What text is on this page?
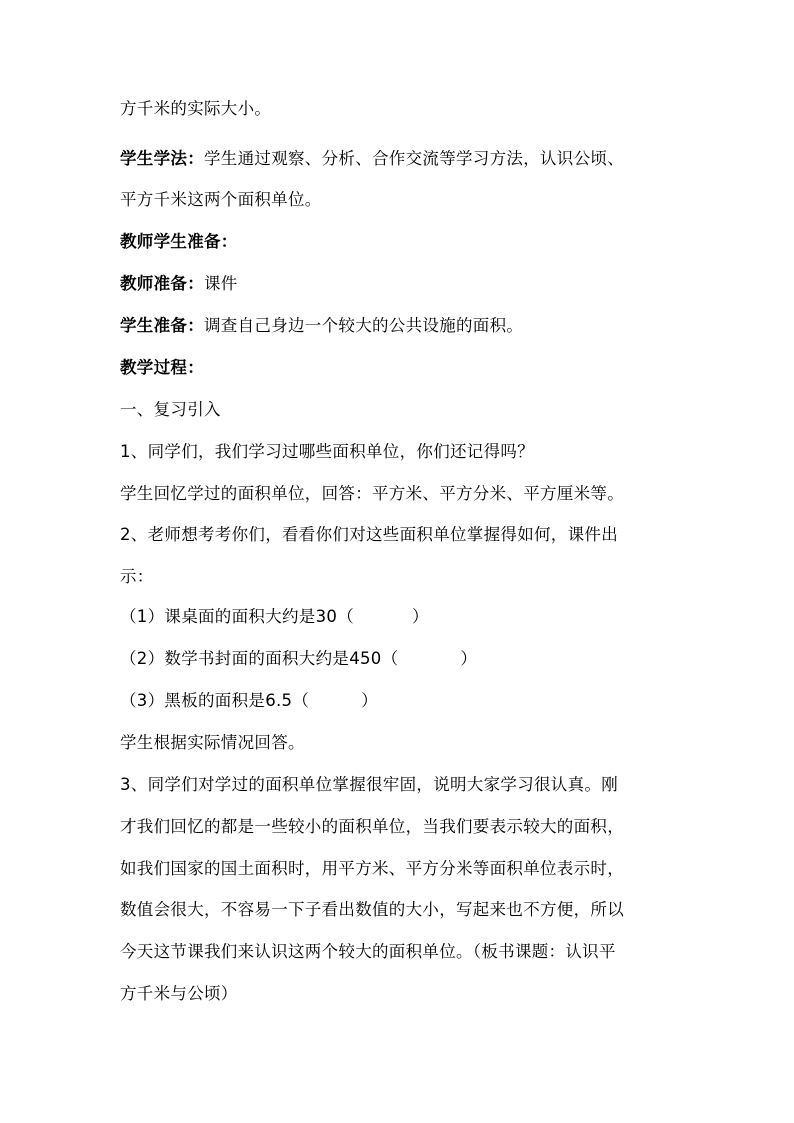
方千米的实际大小。
学生学法：学生通过观察、分析、合作交流等学习方法，认识公顷、
平方千米这两个面积单位。
教师学生准备：
教师准备：课件
学生准备：调查自己身边一个较大的公共设施的面积。
教学过程：
一、复习引入
1、同学们，我们学习过哪些面积单位，你们还记得吗？
学生回忆学过的面积单位，回答：平方米、平方分米、平方厘米等。
2、老师想考考你们，看看你们对这些面积单位掌握得如何，课件出
示：
（1）课桌面的面积大约是30（	）
（2）数学书封面的面积大约是450（	）
（3）黑板的面积是6.5（	）
学生根据实际情况回答。
3、同学们对学过的面积单位掌握很牢固，说明大家学习很认真。刚
才我们回忆的都是一些较小的面积单位，当我们要表示较大的面积，
如我们国家的国土面积时，用平方米、平方分米等面积单位表示时，
数值会很大，不容易一下子看出数值的大小，写起来也不方便，所以
今天这节课我们来认识这两个较大的面积单位。（板书课题：认识平
方千米与公顷）
